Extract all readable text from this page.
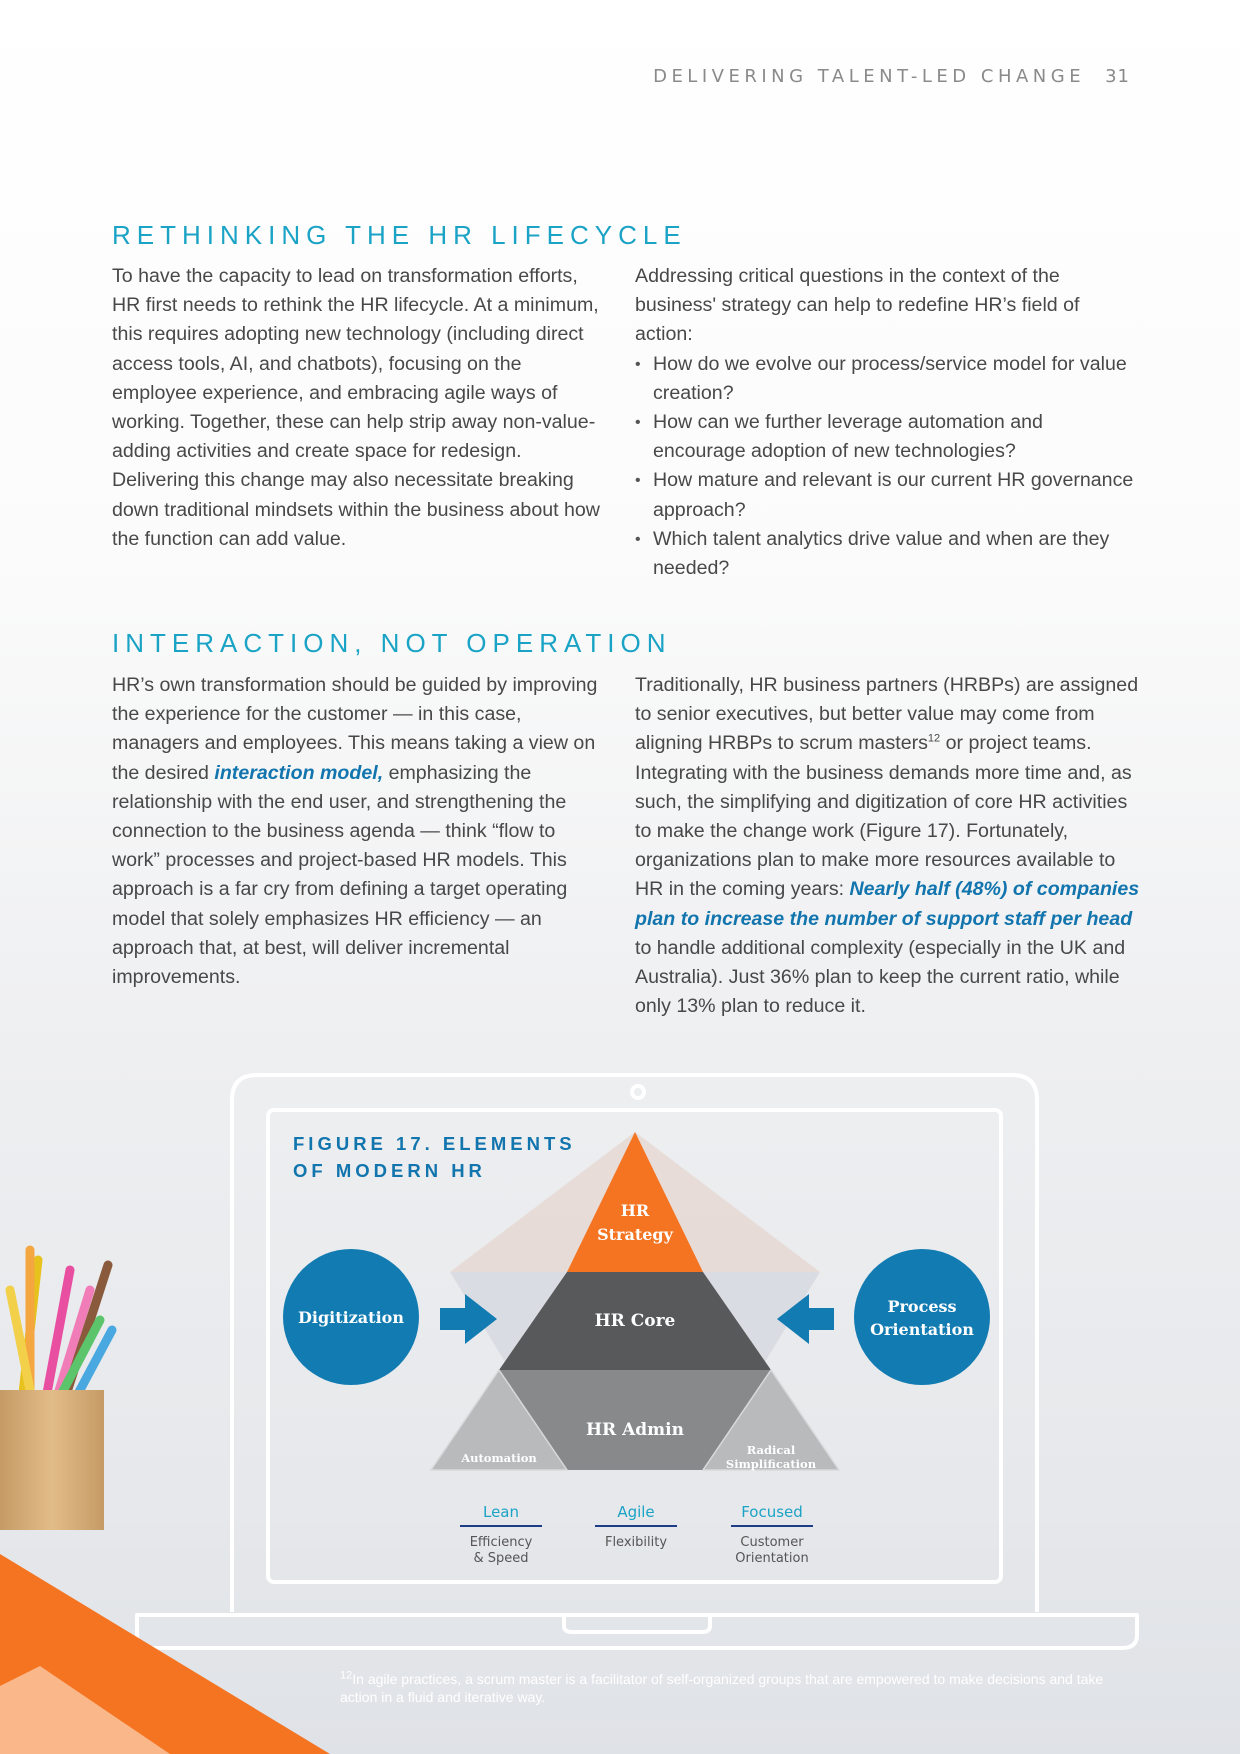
DELIVERING TALENT-LED CHANGE 31
RETHINKING THE HR LIFECYCLE

To have the capacity to lead on transformation efforts, HR first needs to rethink the HR lifecycle. At a minimum, this requires adopting new technology (including direct access tools, AI, and chatbots), focusing on the employee experience, and embracing agile ways of working. Together, these can help strip away non-value-adding activities and create space for redesign. Delivering this change may also necessitate breaking down traditional mindsets within the business about how the function can add value.

Addressing critical questions in the context of the business' strategy can help to redefine HR’s field of action:

• How do we evolve our process/service model for value creation?
• How can we further leverage automation and encourage adoption of new technologies?
• How mature and relevant is our current HR governance approach?
• Which talent analytics drive value and when are they needed?
INTERACTION, NOT OPERATION

HR’s own transformation should be guided by improving the experience for the customer — in this case, managers and employees. This means taking a view on the desired interaction model, emphasizing the relationship with the end user, and strengthening the connection to the business agenda — think “flow to work” processes and project-based HR models. This approach is a far cry from defining a target operating model that solely emphasizes HR efficiency — an approach that, at best, will deliver incremental improvements.

Traditionally, HR business partners (HRBPs) are assigned to senior executives, but better value may come from aligning HRBPs to scrum masters$^{12}$ or project teams. Integrating with the business demands more time and, as such, the simplifying and digitization of core HR activities to make the change work (Figure 17). Fortunately, organizations plan to make more resources available to HR in the coming years: Nearly half (48%) of companies plan to increase the number of support staff per head to handle additional complexity (especially in the UK and Australia). Just 36% plan to keep the current ratio, while only 13% plan to reduce it.

FIGURE 17. ELEMENTS
OF MODERN HR
HR
Strategy
HR Core
HR Admin
Automation
Radical
Simplification
Digitization
Process
Orientation
Lean
Efficiency
& Speed
Agile
Flexibility
Focused
Customer
Orientation
$^{12}$In agile practices, a scrum master is a facilitator of self-organized groups that are empowered to make decisions and take action in a fluid and iterative way.
